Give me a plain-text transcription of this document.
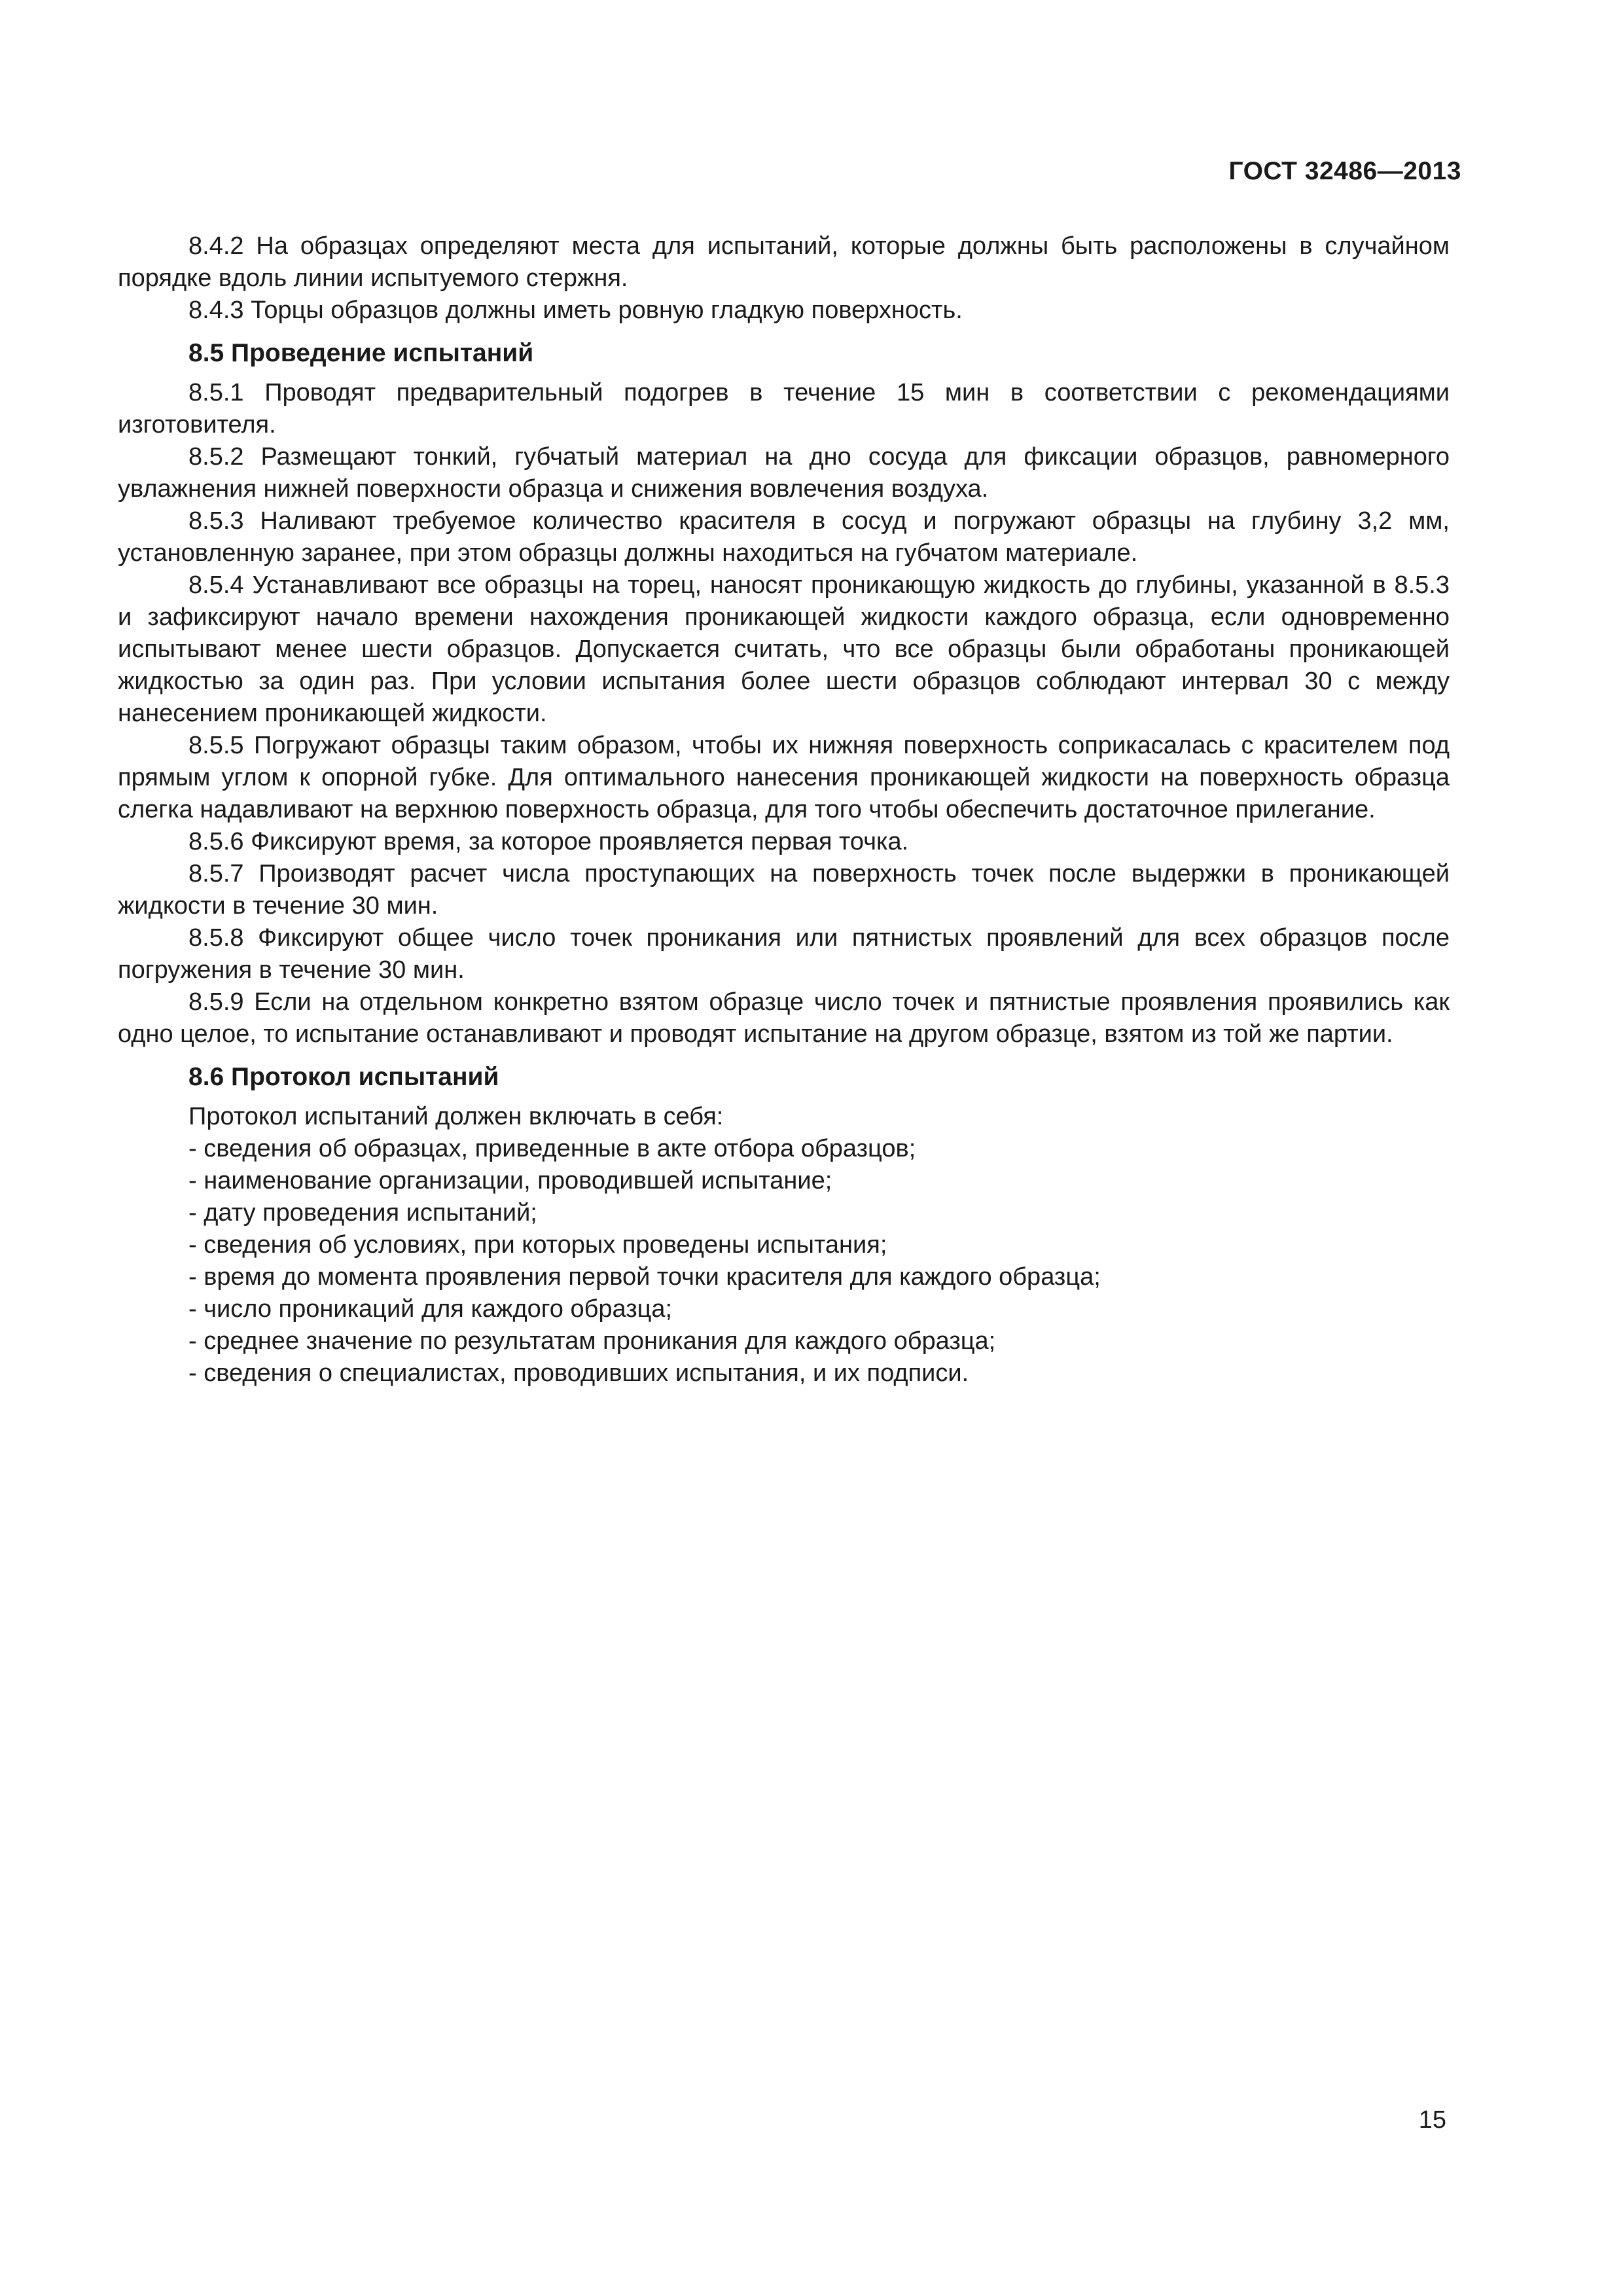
ГОСТ 32486—2013

8.4.2 На образцах определяют места для испытаний, которые должны быть расположены в случайном порядке вдоль линии испытуемого стержня.

8.4.3 Торцы образцов должны иметь ровную гладкую поверхность.

8.5 Проведение испытаний

8.5.1 Проводят предварительный подогрев в течение 15 мин в соответствии с рекомендациями изготовителя.

8.5.2 Размещают тонкий, губчатый материал на дно сосуда для фиксации образцов, равномерного увлажнения нижней поверхности образца и снижения вовлечения воздуха.

8.5.3 Наливают требуемое количество красителя в сосуд и погружают образцы на глубину 3,2 мм, установленную заранее, при этом образцы должны находиться на губчатом материале.

8.5.4 Устанавливают все образцы на торец, наносят проникающую жидкость до глубины, указанной в 8.5.3 и зафиксируют начало времени нахождения проникающей жидкости каждого образца, если одновременно испытывают менее шести образцов. Допускается считать, что все образцы были обработаны проникающей жидкостью за один раз. При условии испытания более шести образцов соблюдают интервал 30 с между нанесением проникающей жидкости.

8.5.5 Погружают образцы таким образом, чтобы их нижняя поверхность соприкасалась с красителем под прямым углом к опорной губке. Для оптимального нанесения проникающей жидкости на поверхность образца слегка надавливают на верхнюю поверхность образца, для того чтобы обеспечить достаточное прилегание.

8.5.6 Фиксируют время, за которое проявляется первая точка.

8.5.7 Производят расчет числа проступающих на поверхность точек после выдержки в проникающей жидкости в течение 30 мин.

8.5.8 Фиксируют общее число точек проникания или пятнистых проявлений для всех образцов после погружения в течение 30 мин.

8.5.9 Если на отдельном конкретно взятом образце число точек и пятнистые проявления проявились как одно целое, то испытание останавливают и проводят испытание на другом образце, взятом из той же партии.

8.6 Протокол испытаний

Протокол испытаний должен включать в себя:

- сведения об образцах, приведенные в акте отбора образцов;
- наименование организации, проводившей испытание;
- дату проведения испытаний;
- сведения об условиях, при которых проведены испытания;
- время до момента проявления первой точки красителя для каждого образца;
- число проникаций для каждого образца;
- среднее значение по результатам проникания для каждого образца;
- сведения о специалистах, проводивших испытания, и их подписи.
15
